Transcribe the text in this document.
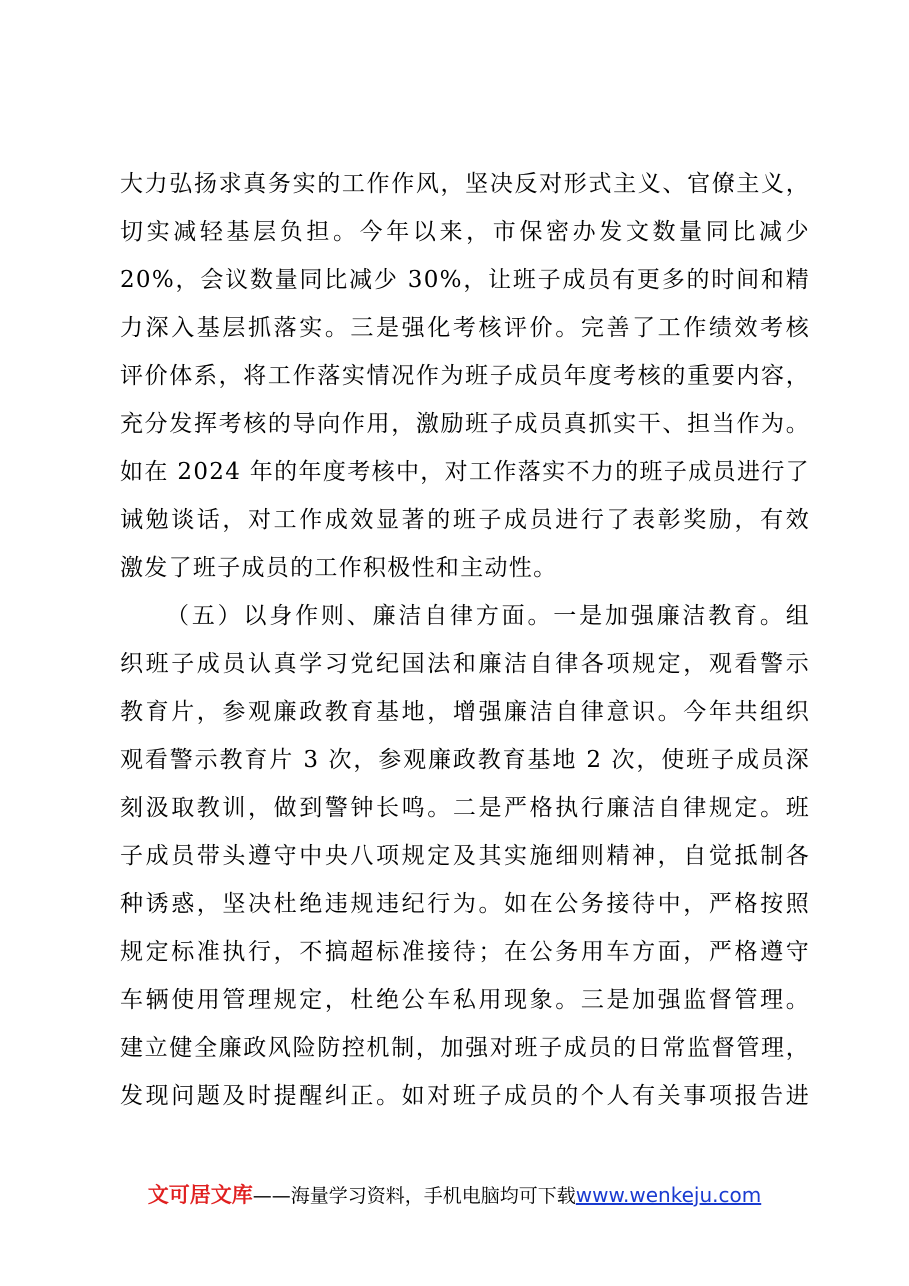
大力弘扬求真务实的工作作风，坚决反对形式主义、官僚主义，
切实减轻基层负担。今年以来，市保密办发文数量同比减少
20%，会议数量同比减少 30%，让班子成员有更多的时间和精
力深入基层抓落实。三是强化考核评价。完善了工作绩效考核
评价体系，将工作落实情况作为班子成员年度考核的重要内容，
充分发挥考核的导向作用，激励班子成员真抓实干、担当作为。
如在 2024 年的年度考核中，对工作落实不力的班子成员进行了
诫勉谈话，对工作成效显著的班子成员进行了表彰奖励，有效
激发了班子成员的工作积极性和主动性。
（五）以身作则、廉洁自律方面。一是加强廉洁教育。组
织班子成员认真学习党纪国法和廉洁自律各项规定，观看警示
教育片，参观廉政教育基地，增强廉洁自律意识。今年共组织
观看警示教育片 3 次，参观廉政教育基地 2 次，使班子成员深
刻汲取教训，做到警钟长鸣。二是严格执行廉洁自律规定。班
子成员带头遵守中央八项规定及其实施细则精神，自觉抵制各
种诱惑，坚决杜绝违规违纪行为。如在公务接待中，严格按照
规定标准执行，不搞超标准接待；在公务用车方面，严格遵守
车辆使用管理规定，杜绝公车私用现象。三是加强监督管理。
建立健全廉政风险防控机制，加强对班子成员的日常监督管理，
发现问题及时提醒纠正。如对班子成员的个人有关事项报告进
文可居文库——海量学习资料，手机电脑均可下载www.wenkeju.com
